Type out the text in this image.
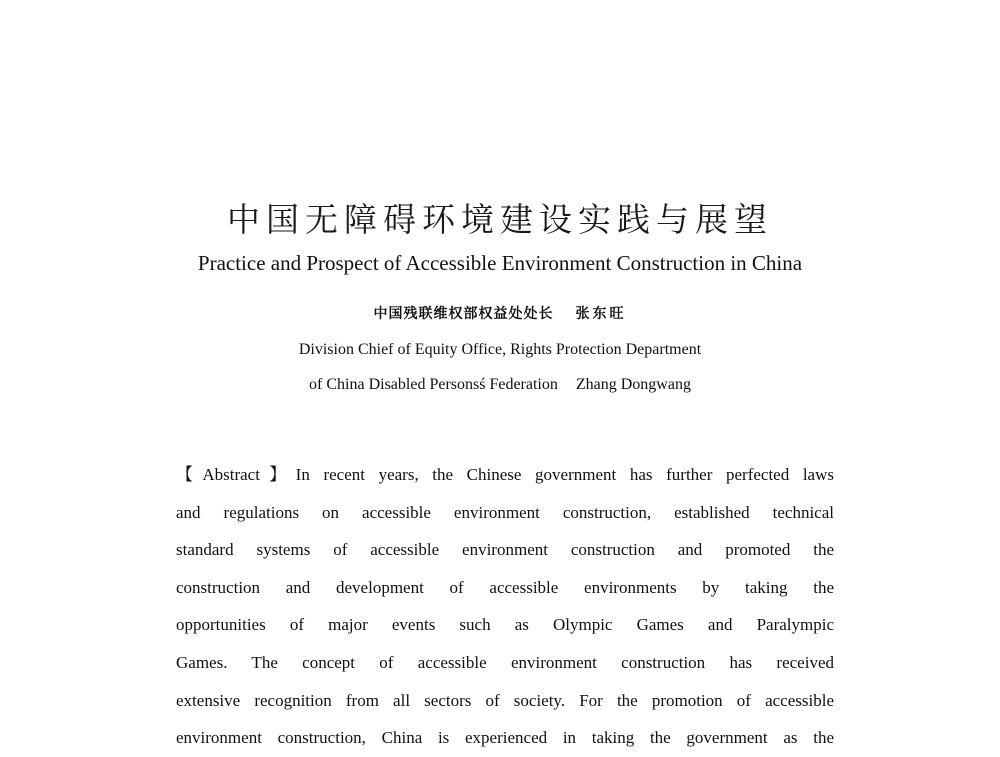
中国无障碍环境建设实践与展望
Practice and Prospect of Accessible Environment Construction in China
中国残联维权部权益处处长 张东旺
Division Chief of Equity Office, Rights Protection Department
of China Disabled Personsś Federation Zhang Dongwang
【Abstract】In recent years, the Chinese government has further perfected laws
and regulations on accessible environment construction, established technical
standard systems of accessible environment construction and promoted the
construction and development of accessible environments by taking the
opportunities of major events such as Olympic Games and Paralympic
Games. The concept of accessible environment construction has received
extensive recognition from all sectors of society. For the promotion of accessible
environment construction, China is experienced in taking the government as the
